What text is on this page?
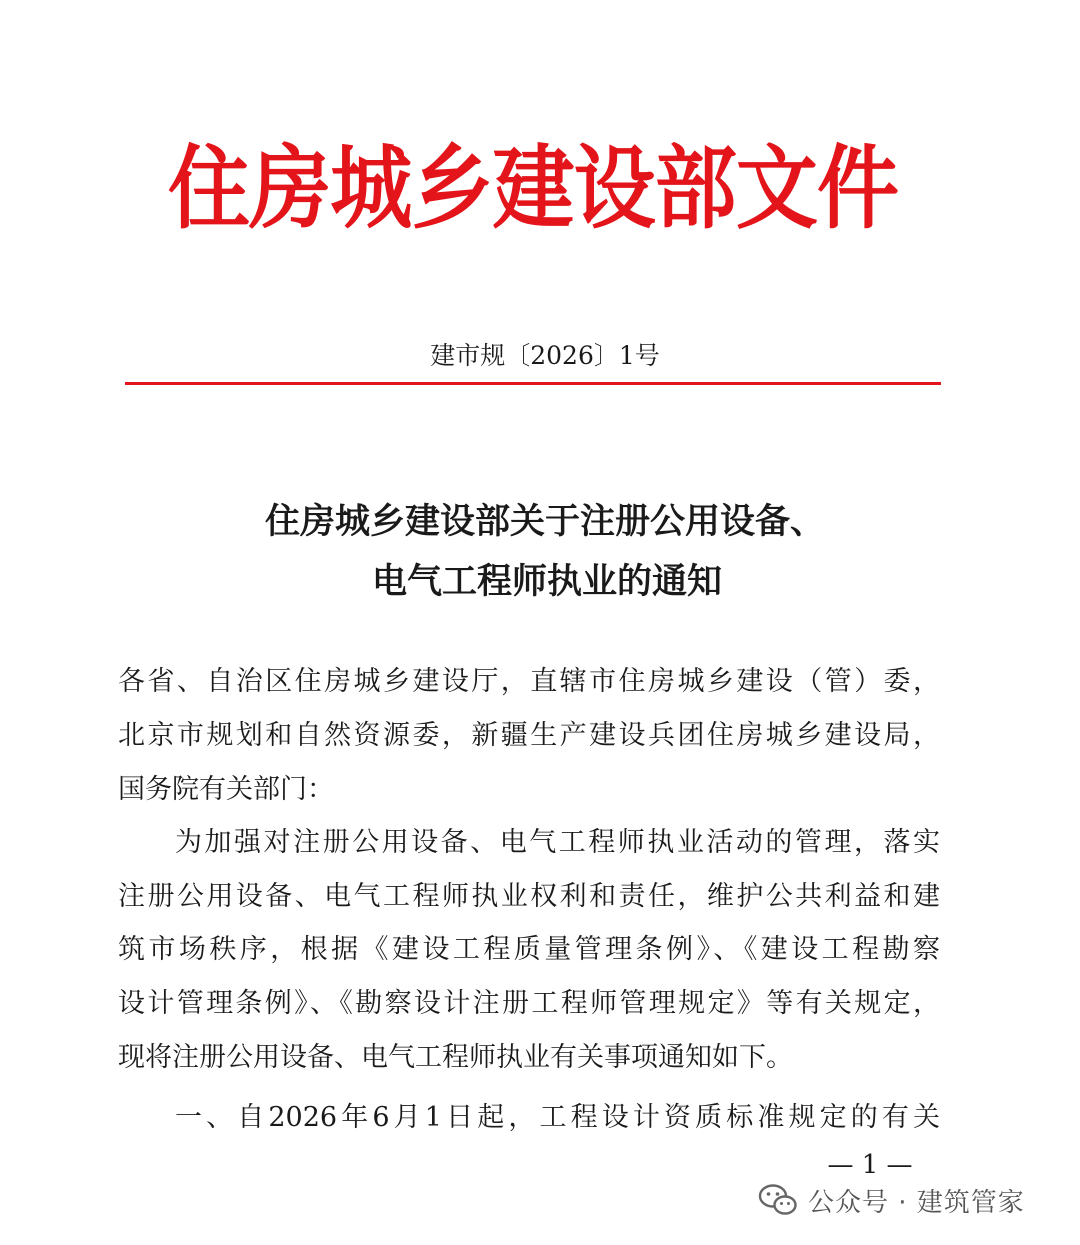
住 房 城 乡 建 设 部 文 件
建市规〔2026〕1号
住房城乡建设部关于注册公用设备、
电气工程师执业的通知
各省、自治区住房城乡建设厅，直辖市住房城乡建设（管）委，
北京市规划和自然资源委，新疆生产建设兵团住房城乡建设局，
国务院有关部门：
为加强对注册公用设备、电气工程师执业活动的管理，落实
注册公用设备、电气工程师执业权利和责任，维护公共利益和建
筑市场秩序，根据《建设工程质量管理条例》、《建设工程勘察
设计管理条例》、《勘察设计注册工程师管理规定》等有关规定，
现将注册公用设备、电气工程师执业有关事项通知如下。
一、自2026年6月1日起，工程设计资质标准规定的有关
— 1 —
公众号 · 建筑管家
